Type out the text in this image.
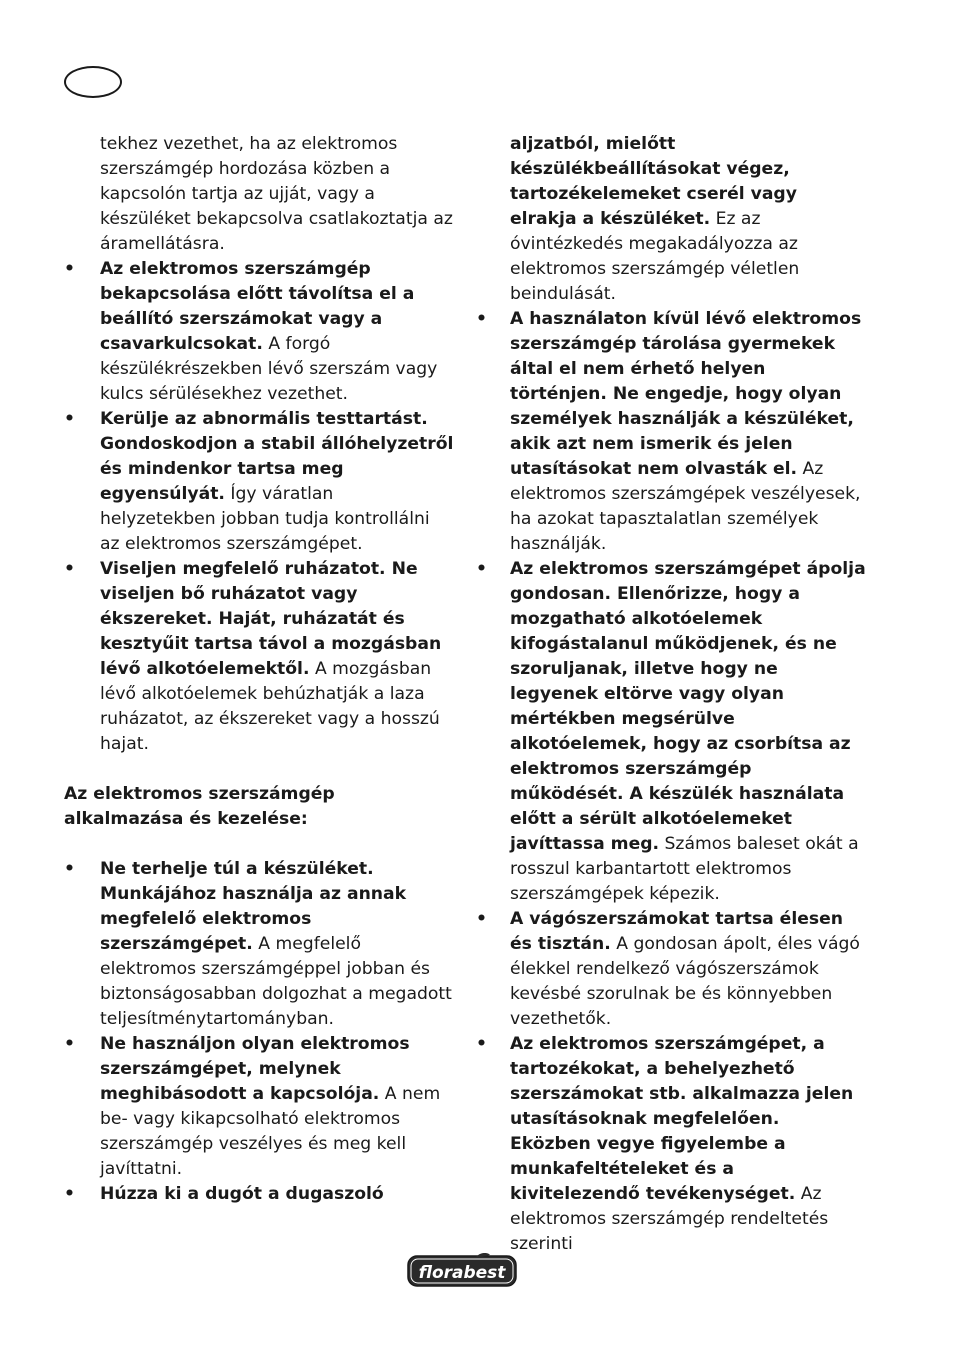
tekhez vezethet, ha az elektromos szerszámgép hordozása közben a kapcsolón tartja az ujját, vagy a készüléket bekapcsolva csatlakoztatja az áramellátásra.

• Az elektromos szerszámgép bekapcsolása előtt távolítsa el a beállító szerszámokat vagy a csavarkulcsokat. A forgó készülékrészekben lévő szerszám vagy kulcs sérülésekhez vezethet.
• Kerülje az abnormális testtartást. Gondoskodjon a stabil állóhelyzetről és mindenkor tartsa meg egyensúlyát. Így váratlan helyzetekben jobban tudja kontrollálni az elektromos szerszámgépet.
• Viseljen megfelelő ruházatot. Ne viseljen bő ruházatot vagy ékszereket. Haját, ruházatát és kesztyűit tartsa távol a mozgásban lévő alkotóelemektől. A mozgásban lévő alkotóelemek behúzhatják a laza ruházatot, az ékszereket vagy a hosszú hajat.

Az elektromos szerszámgép alkalmazása és kezelése:

• Ne terhelje túl a készüléket. Munkájához használja az annak megfelelő elektromos szerszámgépet. A megfelelő elektromos szerszámgéppel jobban és biztonságosabban dolgozhat a megadott teljesítménytartományban.
• Ne használjon olyan elektromos szerszámgépet, melynek meghibásodott a kapcsolója. A nem be- vagy kikapcsolható elektromos szerszámgép veszélyes és meg kell javíttatni.
• Húzza ki a dugót a dugaszoló

aljzatból, mielőtt készülékbeállításokat végez, tartozékelemeket cserél vagy elrakja a készüléket. Ez az óvintézkedés megakadályozza az elektromos szerszámgép véletlen beindulását.

• A használaton kívül lévő elektromos szerszámgép tárolása gyermekek által el nem érhető helyen történjen. Ne engedje, hogy olyan személyek használják a készüléket, akik azt nem ismerik és jelen utasításokat nem olvasták el. Az elektromos szerszámgépek veszélyesek, ha azokat tapasztalatlan személyek használják.
• Az elektromos szerszámgépet ápolja gondosan. Ellenőrizze, hogy a mozgatható alkotóelemek kifogástalanul működjenek, és ne szoruljanak, illetve hogy ne legyenek eltörve vagy olyan mértékben megsérülve alkotóelemek, hogy az csorbítsa az elektromos szerszámgép működését. A készülék használata előtt a sérült alkotóelemeket javíttassa meg. Számos baleset okát a rosszul karbantartott elektromos szerszámgépek képezik.
• A vágószerszámokat tartsa élesen és tisztán. A gondosan ápolt, éles vágó élekkel rendelkező vágószerszámok kevésbé szorulnak be és könnyebben vezethetők.
• Az elektromos szerszámgépet, a tartozékokat, a behelyezhető szerszámokat stb. alkalmazza jelen utasításoknak megfelelően. Eközben vegye figyelembe a munkafeltételeket és a kivitelezendő tevékenységet. Az elektromos szerszámgép rendeltetés szerinti
florabest
